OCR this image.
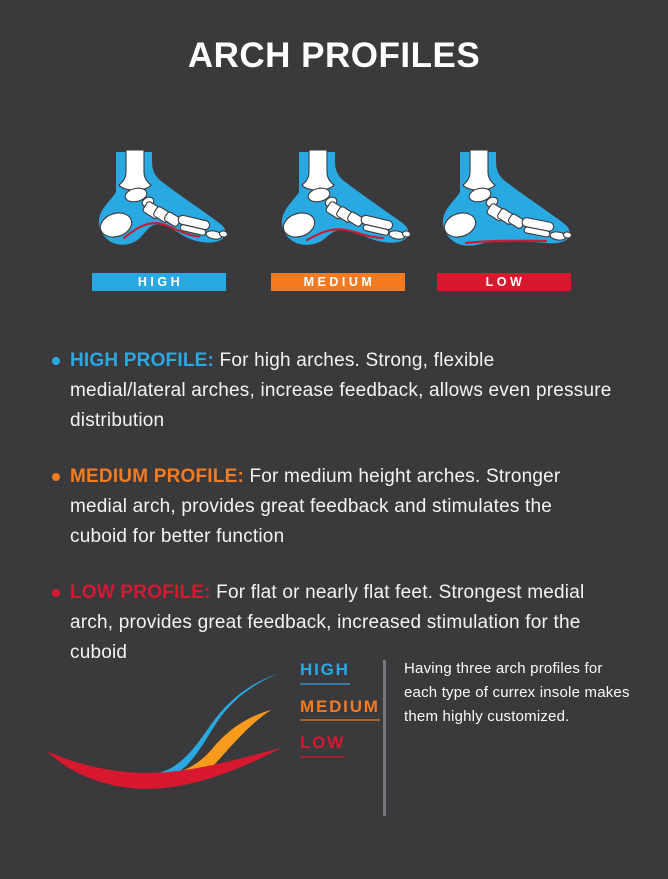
ARCH PROFILES
HIGH	MEDIUM	LOW
HIGH PROFILE: For high arches. Strong, flexible medial/lateral arches, increase feedback, allows even pressure distribution
MEDIUM PROFILE: For medium height arches. Stronger medial arch, provides great feedback and stimulates the cuboid for better function
LOW PROFILE: For flat or nearly flat feet. Strongest medial arch, provides great feedback, increased stimulation for the cuboid
HIGH
MEDIUM
LOW
Having three arch profiles for
each type of currex insole makes
them highly customized.
